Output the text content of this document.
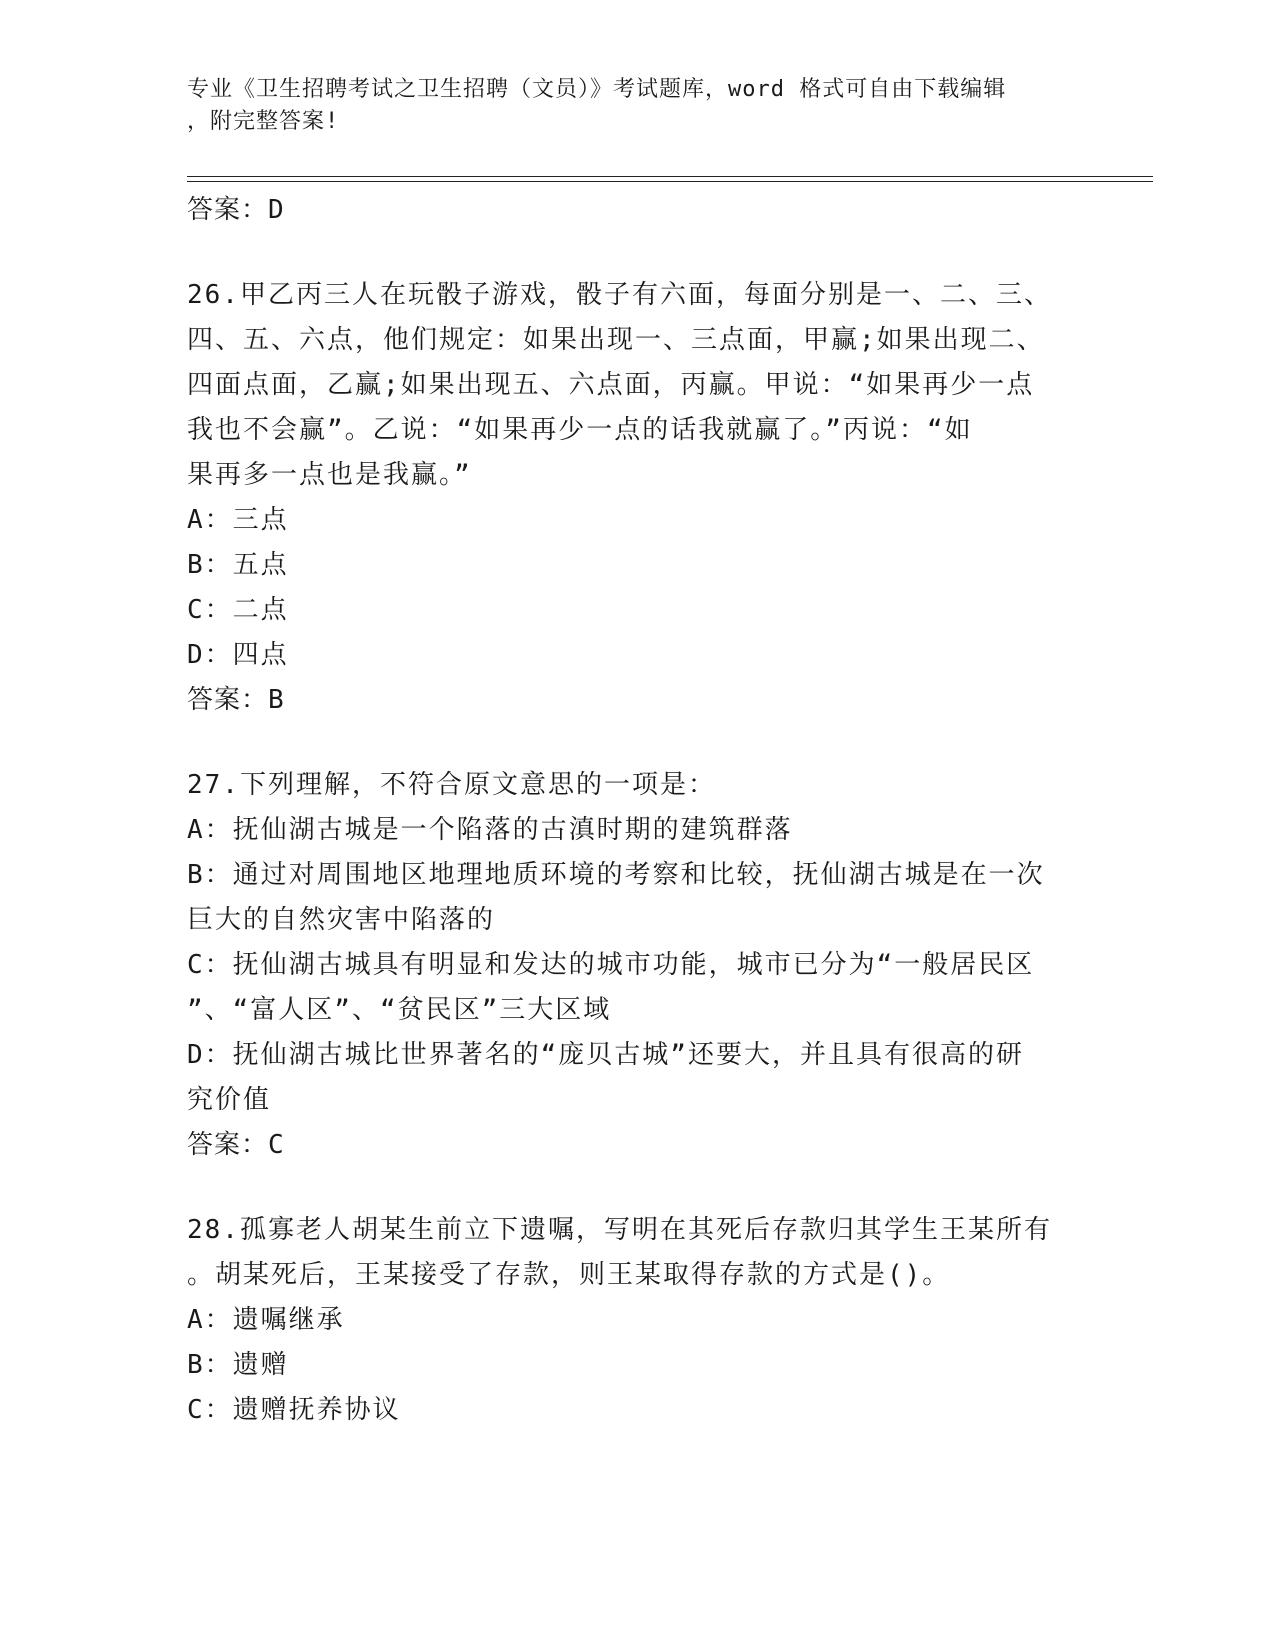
专业《卫生招聘考试之卫生招聘（文员）》考试题库，word 格式可自由下载编辑
，附完整答案!
答案：D

26.甲乙丙三人在玩骰子游戏，骰子有六面，每面分别是一、二、三、

四、五、六点，他们规定：如果出现一、三点面，甲赢;如果出现二、

四面点面，乙赢;如果出现五、六点面，丙赢。甲说：“如果再少一点

我也不会赢”。乙说：“如果再少一点的话我就赢了。”丙说：“如

果再多一点也是我赢。”

A：三点

B：五点

C：二点

D：四点

答案：B

27.下列理解，不符合原文意思的一项是：

A：抚仙湖古城是一个陷落的古滇时期的建筑群落

B：通过对周围地区地理地质环境的考察和比较，抚仙湖古城是在一次

巨大的自然灾害中陷落的

C：抚仙湖古城具有明显和发达的城市功能，城市已分为“一般居民区

”、“富人区”、“贫民区”三大区域

D：抚仙湖古城比世界著名的“庞贝古城”还要大，并且具有很高的研

究价值

答案：C

28.孤寡老人胡某生前立下遗嘱，写明在其死后存款归其学生王某所有

。胡某死后，王某接受了存款，则王某取得存款的方式是()。

A：遗嘱继承

B：遗赠

C：遗赠抚养协议
